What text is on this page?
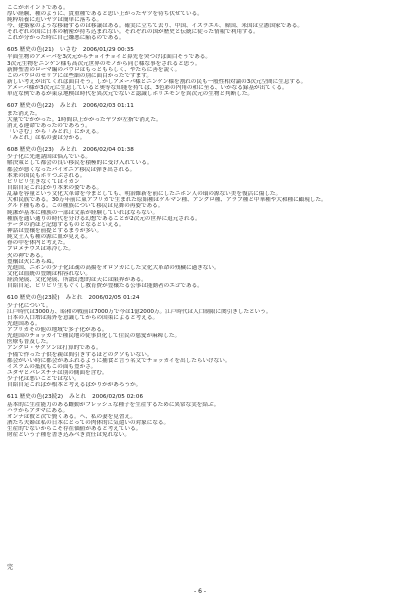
ここがポイントである。
厚い経験、種のように、貴重種であると思い上がったヤツを待ち伏せている。
純粋培養に近いヤツは簡単に落ちる。
今、建築家のような移籍するのは移譲はある。確実に立ちて去り、中国、イスラエル、韓国、米国は立憲国家である。
それぞれの国に日本の精密が持ち込まれない。それぞれの国が歴史と伝統に従った情報で利用する。
これが分かった時に自己嫌悪に陥るのである。
605 歴史の色(21) いさむ 2006/01/29 00:35
平面生物のアメーバを3次元からチョイチョイと鼻先を突つけば面白そうである。
3次元生物をニンゲン様も高次元世界のモノから同じ様な事をされると思う。
新鮮聖書のローマ編のパウロはもっともらしく、やたらに善を説く。
このパウロのセリフには些細の別に面白かったですます。
新しい考えが出てくれば面白そう。しかしアメーバ様とニンゲン様を割れの民も一般性相対論の3次元空間に生息する。
アメーバ様が3次元に生息していると奥等な知能を持てば、3色彩の内角の和に至る、いかなる録基が出てくる。
単近な例であるが東京地検は時代を異次元でないと認識しホリエモンを異次元の生物と判断した。
607 歴史の色(22) みとれ 2006/02/03 01:11
また消えた。
大量ででかかった。1時間以上かかったヤツが左指で消えた。
消える運命であったのであろう。
「いさむ」から「みとれ」にかえる。
「みとれ」は私の妻は分かる。
608 歴史の色(23) みとれ 2006/02/04 01:38
少子化に先進諸国は悩んでいる。
解決策として都会の良い移民を積極的に受け入れている。
都会が悪くなったバイオニア移民は弾き出される。
本来の国民もホリつぶされる。
ビリビリ生きなくてはイカン
自給自足こればかり本来の姿である。
乱暴を容量という文化大革命を今まとしても、明治維新を前にしたニホン人の環の源ない美を復活に傷した。
大和民族である。30万年前に東アフリカで生まれた原始種はゲルマン種、アングロ種、アラブ種と中華種や大和種に顧現した。
クルド種もある。この種族について移民は見舞の再姿である。
純潔が基本に種族の一部は文系が経験していればならない。
種族を通い通りの時代を分ける幻想であることが2次元の世界に退元される。
データの消ほど記憶するものとなるといえる。
神話は豊穣を前提とするまりが多い。
純文土人も種の源に血が見える。
眷の中を体内と考えた。
プロメテウスは寒冷した。
火の神である。
豊穣は火にあらぬ。
先進国、ニホンの少子化は魂の高揚をオロソカにした文化大革命の残穢に過ぎない。
文化は血統の豊饒は相容れない。
経済発展、文化発展、所謂幻想的は天には限界がある。
自給自足、ビリビリ生もぐくし教育費が豊穣たる公事は能動者のエゴである。
610 歴史の色(23続) みとれ 2006/02/05 01:24
少子化について。
江戸時代は3000万、昭和の戦前は7000万で今は1億2000万。江戸時代は人口制限に関引きしたという。
日本の人口増は海外を意識してからの国策によると考える。
先進国ある。
アフリカその他の地域で多子化がある。
先進国のチョッカイで種民地の従事員化して住民の慈愛が麻痺した。
医療も普及した。
アングロ・サクソンは打算的である。
予備で作った子供を親は間引きするほどのクソもいない。
都会がいい時に都会があふれるように捕食と言う名文でチョッカイを出したらいけない。
イスラムの抵抗もこの面も豊かさ。
ユダヤとパレスチナは別の側面を含む。
少子化は悪いことではない。
自給自足こればか根本と考えるばかりかがあろうか。
611 歴史の色(23続2) みとれ 2006/02/05 02:06
基本的に生産能力のある雌動がフレッシュな種子を生産するために異常な実を結ぶ。
ハラからアタマにある。
オンナは彼と次で賢くある。へ、私の妻を見習え。
酒たち夫婦は私の日本にとっての肉体的に気遣いの対象になる。
生産的でないからこそ存在価値があると考えている。
財産という子種を書き込みべき責任は免れない。
完
- 6 -
